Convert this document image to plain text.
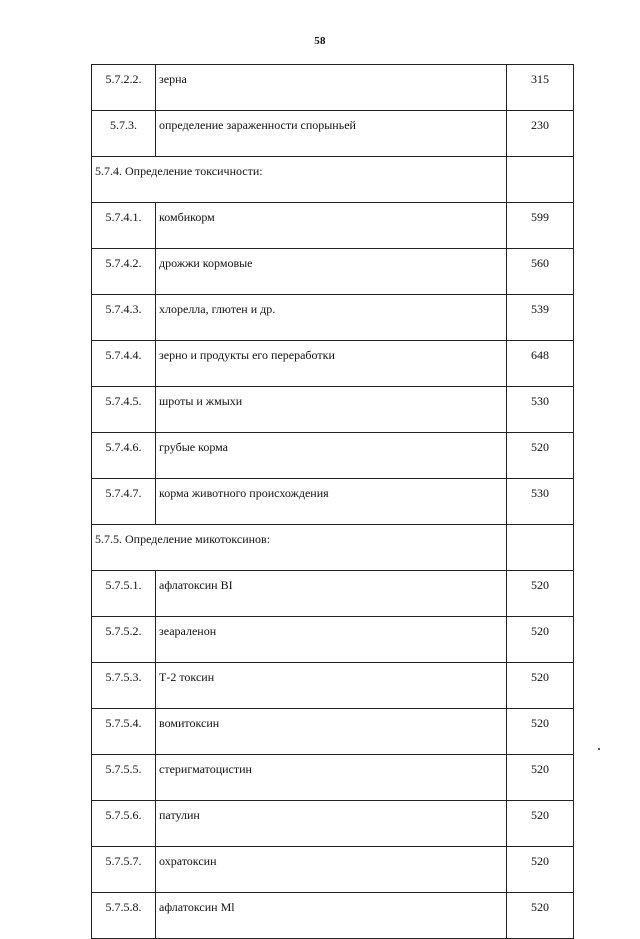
58
5.7.2.2.	зерна	315
5.7.3.	определение зараженности спорыньей	230
5.7.4. Определение токсичности:		
5.7.4.1.	комбикорм	599
5.7.4.2.	дрожжи кормовые	560
5.7.4.3.	хлорелла, глютен и др.	539
5.7.4.4.	зерно и продукты его переработки	648
5.7.4.5.	шроты и жмыхи	530
5.7.4.6.	грубые корма	520
5.7.4.7.	корма животного происхождения	530
5.7.5. Определение микотоксинов:		
5.7.5.1.	афлатоксин BI	520
5.7.5.2.	зеараленон	520
5.7.5.3.	Т-2 токсин	520
5.7.5.4.	вомитоксин	520
5.7.5.5.	стеригматоцистин	520
5.7.5.6.	патулин	520
5.7.5.7.	охратоксин	520
5.7.5.8.	афлатоксин Ml	520
